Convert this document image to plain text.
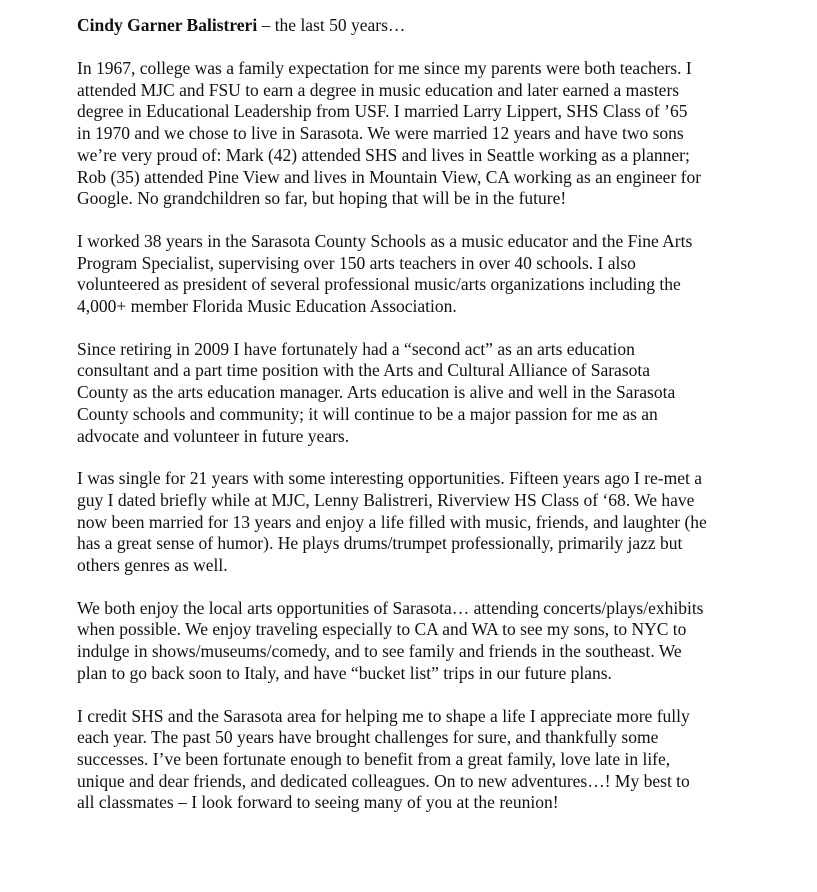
Cindy Garner Balistreri – the last 50 years…
In 1967, college was a family expectation for me since my parents were both teachers. I
attended MJC and FSU to earn a degree in music education and later earned a masters
degree in Educational Leadership from USF. I married Larry Lippert, SHS Class of ’65
in 1970 and we chose to live in Sarasota. We were married 12 years and have two sons
we’re very proud of: Mark (42) attended SHS and lives in Seattle working as a planner;
Rob (35) attended Pine View and lives in Mountain View, CA working as an engineer for
Google. No grandchildren so far, but hoping that will be in the future!
I worked 38 years in the Sarasota County Schools as a music educator and the Fine Arts
Program Specialist, supervising over 150 arts teachers in over 40 schools. I also
volunteered as president of several professional music/arts organizations including the
4,000+ member Florida Music Education Association.
Since retiring in 2009 I have fortunately had a “second act” as an arts education
consultant and a part time position with the Arts and Cultural Alliance of Sarasota
County as the arts education manager. Arts education is alive and well in the Sarasota
County schools and community; it will continue to be a major passion for me as an
advocate and volunteer in future years.
I was single for 21 years with some interesting opportunities. Fifteen years ago I re-met a
guy I dated briefly while at MJC, Lenny Balistreri, Riverview HS Class of ‘68. We have
now been married for 13 years and enjoy a life filled with music, friends, and laughter (he
has a great sense of humor). He plays drums/trumpet professionally, primarily jazz but
others genres as well.
We both enjoy the local arts opportunities of Sarasota… attending concerts/plays/exhibits
when possible. We enjoy traveling especially to CA and WA to see my sons, to NYC to
indulge in shows/museums/comedy, and to see family and friends in the southeast. We
plan to go back soon to Italy, and have “bucket list” trips in our future plans.
I credit SHS and the Sarasota area for helping me to shape a life I appreciate more fully
each year. The past 50 years have brought challenges for sure, and thankfully some
successes. I’ve been fortunate enough to benefit from a great family, love late in life,
unique and dear friends, and dedicated colleagues. On to new adventures…! My best to
all classmates – I look forward to seeing many of you at the reunion!
